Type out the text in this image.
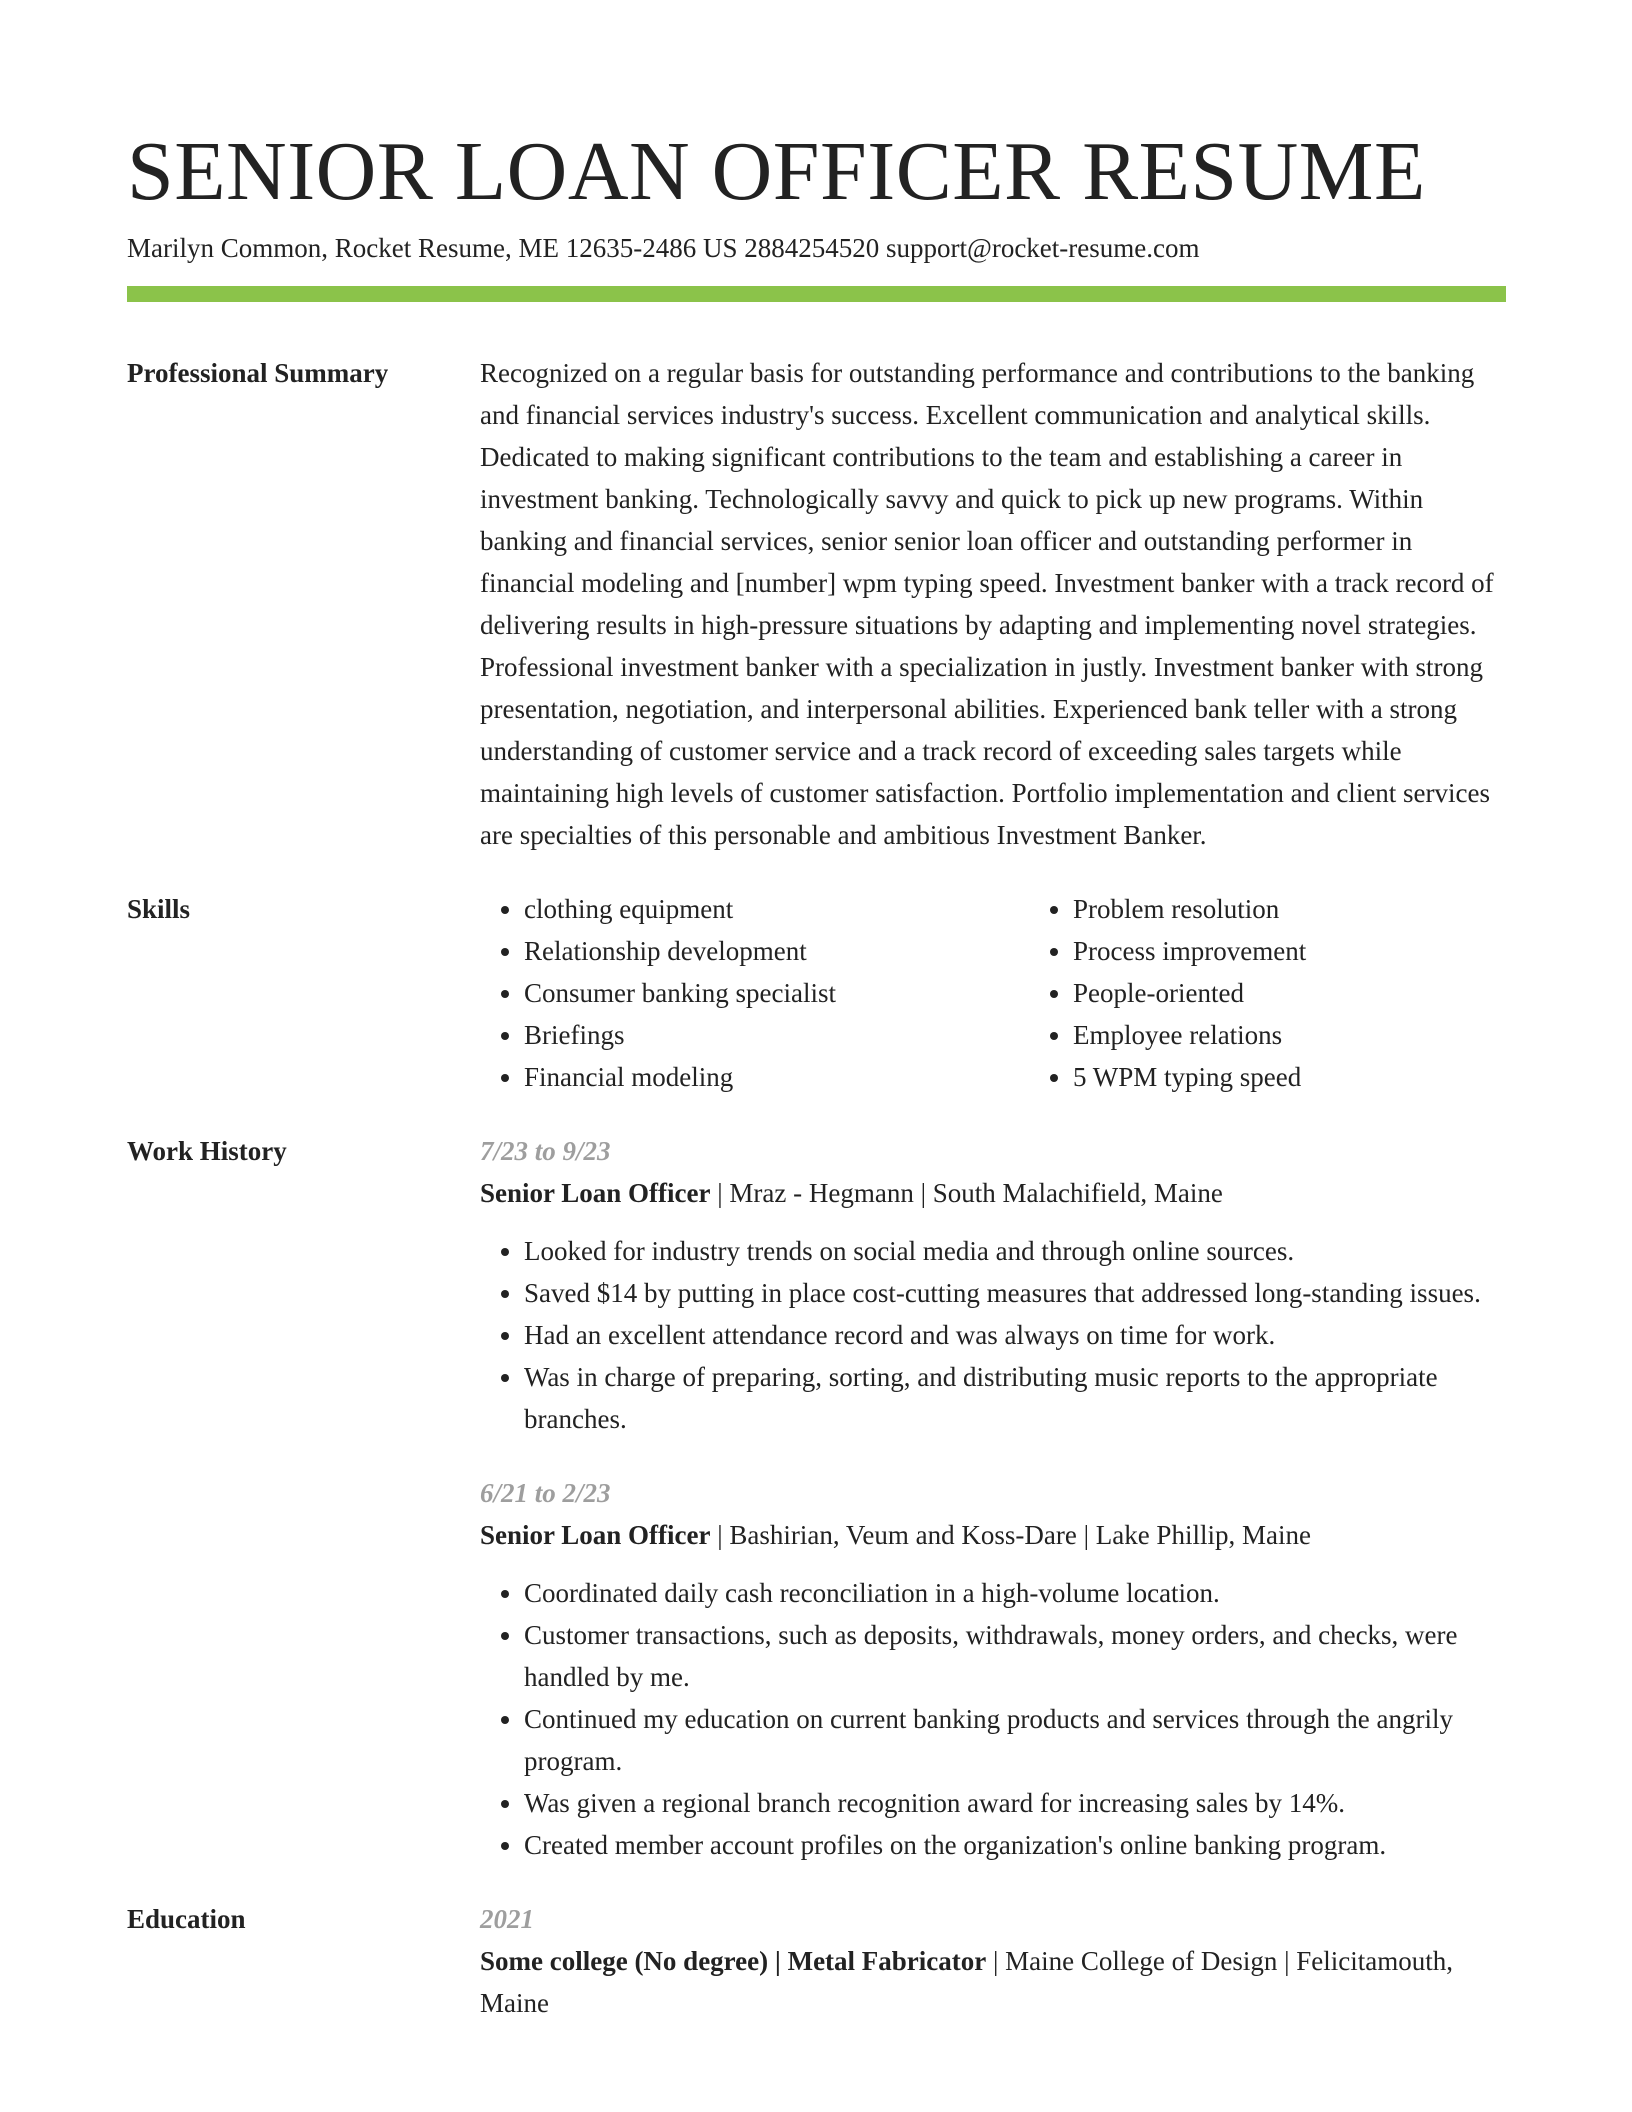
SENIOR LOAN OFFICER RESUME
Marilyn Common, Rocket Resume, ME 12635-2486 US 2884254520 support@rocket-resume.com
Professional Summary	Recognized on a regular basis for outstanding performance and contributions to the banking and financial services industry's success. Excellent communication and analytical skills. Dedicated to making significant contributions to the team and establishing a career in investment banking. Technologically savvy and quick to pick up new programs. Within banking and financial services, senior senior loan officer and outstanding performer in financial modeling and [number] wpm typing speed. Investment banker with a track record of delivering results in high-pressure situations by adapting and implementing novel strategies. Professional investment banker with a specialization in justly. Investment banker with strong presentation, negotiation, and interpersonal abilities. Experienced bank teller with a strong understanding of customer service and a track record of exceeding sales targets while maintaining high levels of customer satisfaction. Portfolio implementation and client services are specialties of this personable and ambitious Investment Banker.
Skills
•	clothing equipment
• Relationship development
• Consumer banking specialist
• Briefings
• Financial modeling
• Problem resolution
• Process improvement
• People-oriented
• Employee relations
• 5 WPM typing speed
Work History	7/23 to 9/23
Senior Loan Officer | Mraz - Hegmann | South Malachifield, Maine
• Looked for industry trends on social media and through online sources.
• Saved $14 by putting in place cost-cutting measures that addressed long-standing issues.
• Had an excellent attendance record and was always on time for work.
• Was in charge of preparing, sorting, and distributing music reports to the appropriate branches.
6/21 to 2/23
Senior Loan Officer | Bashirian, Veum and Koss-Dare | Lake Phillip, Maine
• Coordinated daily cash reconciliation in a high-volume location.
• Customer transactions, such as deposits, withdrawals, money orders, and checks, were handled by me.
• Continued my education on current banking products and services through the angrily program.
• Was given a regional branch recognition award for increasing sales by 14%.
• Created member account profiles on the organization's online banking program.
Education	2021
Some college (No degree) | Metal Fabricator | Maine College of Design | Felicitamouth, Maine
